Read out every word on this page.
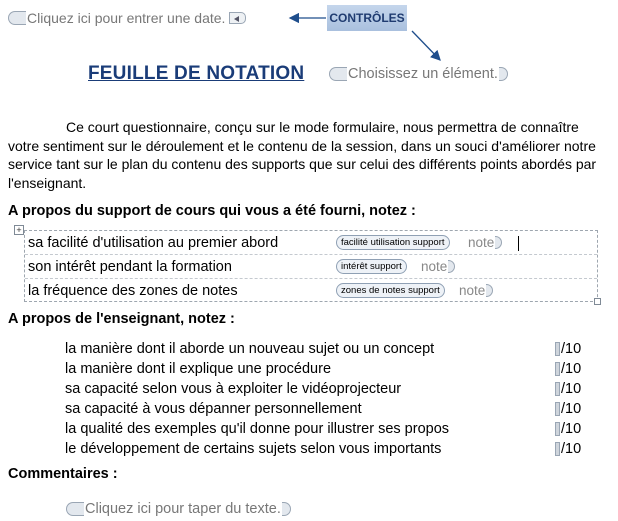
Cliquez ici pour entrer une date.	CONTRÔLES
FEUILLE DE NOTATION	Choisissez un élément.
Ce court questionnaire, conçu sur le mode formulaire, nous permettra de connaître votre sentiment sur le déroulement et le contenu de la session, dans un souci d'améliorer notre service tant sur le plan du contenu des supports que sur celui des différents points abordés par l'enseignant.
A propos du support de cours qui vous a été fourni, notez :
+
sa facilité d'utilisation au premier abord	facilité utilisation support	note
son intérêt pendant la formation	intérêt support	note
la fréquence des zones de notes	zones de notes support	note
A propos de l'enseignant, notez :
la manière dont il aborde un nouveau sujet ou un concept	/10
la manière dont il explique une procédure	/10
sa capacité selon vous à exploiter le vidéoprojecteur	/10
sa capacité à vous dépanner personnellement	/10
la qualité des exemples qu'il donne pour illustrer ses propos	/10
le développement de certains sujets selon vous importants	/10
Commentaires :
Cliquez ici pour taper du texte.
